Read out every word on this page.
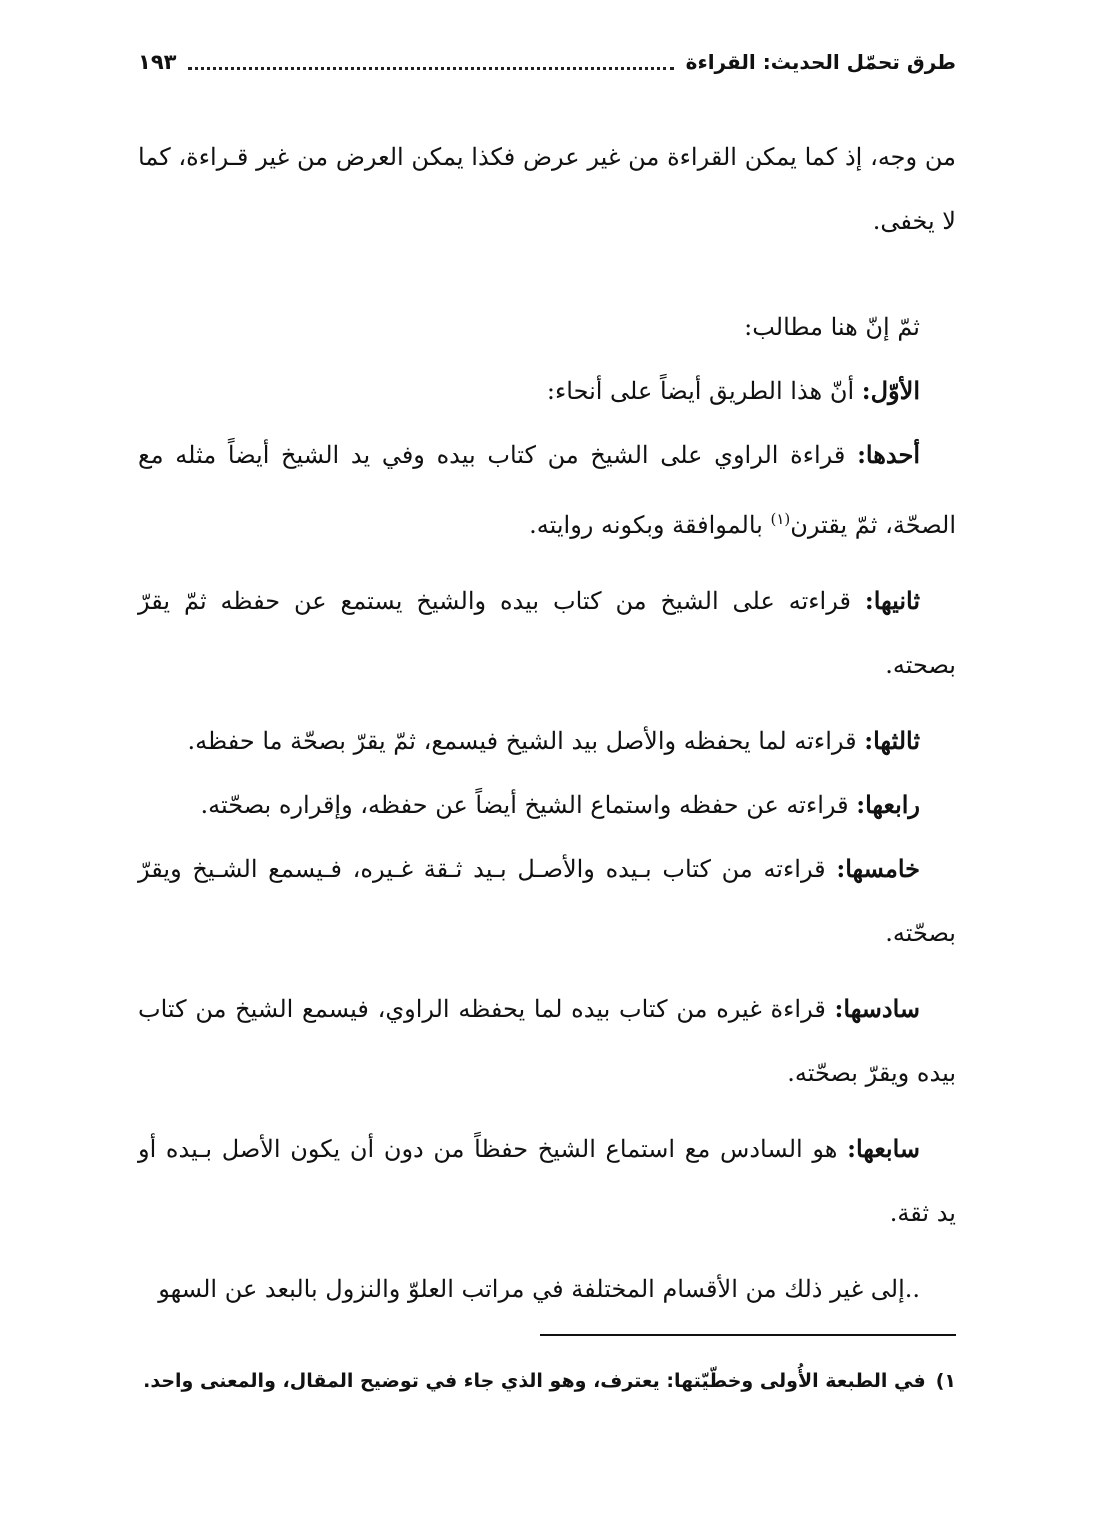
طرق تحمّل الحديث: القراءة
١٩٣

من وجه، إذ كما يمكن القراءة من غير عرض فكذا يمكن العرض من غير قـراءة، كما لا يخفى.

ثمّ إنّ هنا مطالب:

الأوّل: أنّ هذا الطريق أيضاً على أنحاء:

أحدها: قراءة الراوي على الشيخ من كتاب بيده وفي يد الشيخ أيضاً مثله مع الصحّة، ثمّ يقترن$^{(١)}$ بالموافقة وبكونه روايته.

ثانيها: قراءته على الشيخ من كتاب بيده والشيخ يستمع عن حفظه ثمّ يقرّ بصحته.

ثالثها: قراءته لما يحفظه والأصل بيد الشيخ فيسمع، ثمّ يقرّ بصحّة ما حفظه.

رابعها: قراءته عن حفظه واستماع الشيخ أيضاً عن حفظه، وإقراره بصحّته.

خامسها: قراءته من كتاب بـيده والأصـل بـيد ثـقة غـيره، فـيسمع الشـيخ ويقرّ بصحّته.

سادسها: قراءة غيره من كتاب بيده لما يحفظه الراوي، فيسمع الشيخ من كتاب بيده ويقرّ بصحّته.

سابعها: هو السادس مع استماع الشيخ حفظاً من دون أن يكون الأصل بـيده أو يد ثقة.

..إلى غير ذلك من الأقسام المختلفة في مراتب العلوّ والنزول بالبعد عن السهو

١)في الطبعة الأُولى وخطّيّتها: يعترف، وهو الذي جاء في توضيح المقال، والمعنى واحد.
